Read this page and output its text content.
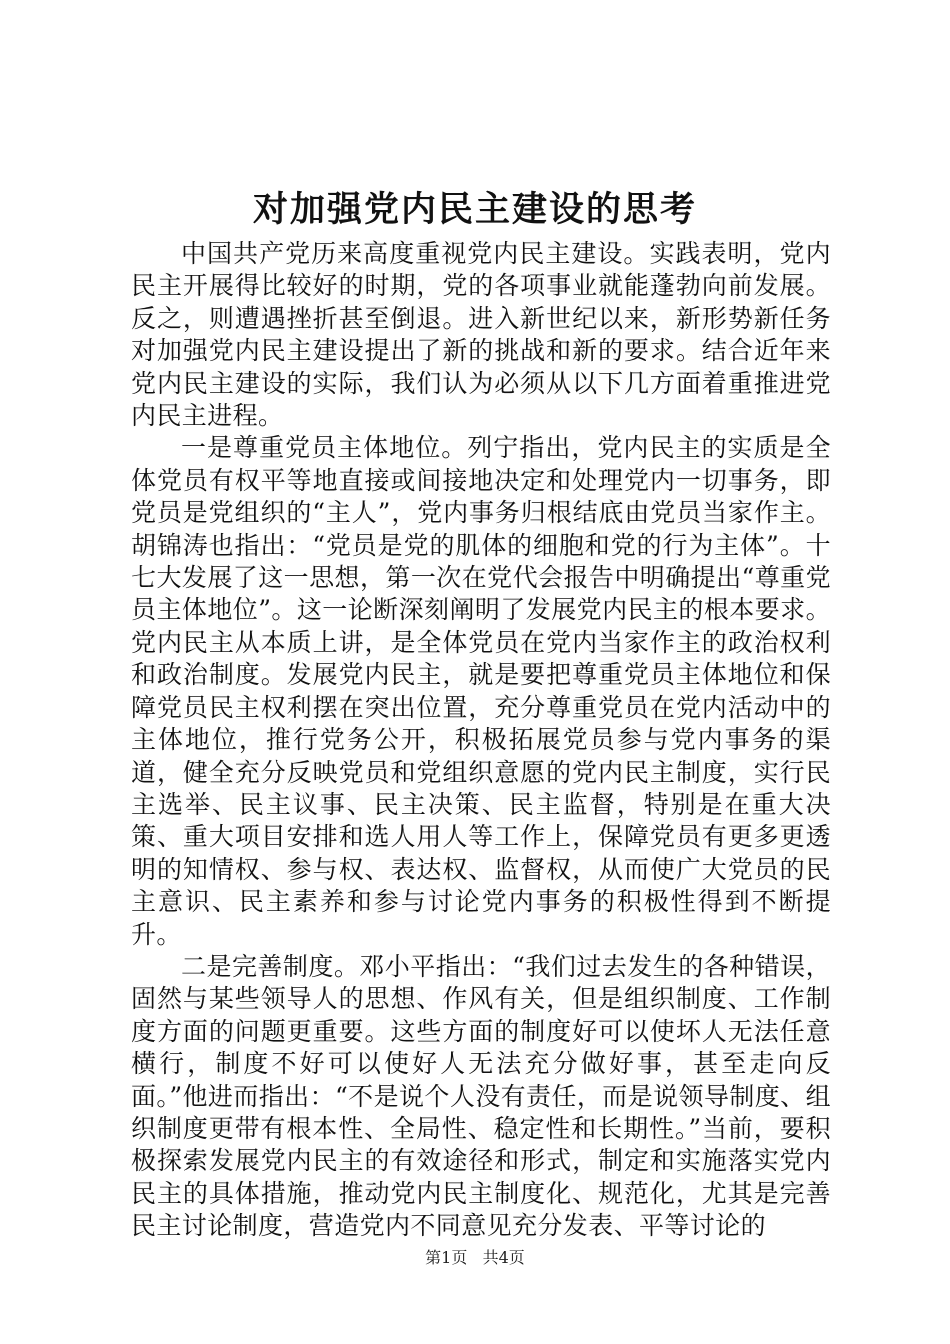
对加强党内民主建设的思考

中国共产党历来高度重视党内民主建设。实践表明，党内民主开展得比较好的时期，党的各项事业就能蓬勃向前发展。反之，则遭遇挫折甚至倒退。进入新世纪以来，新形势新任务对加强党内民主建设提出了新的挑战和新的要求。结合近年来党内民主建设的实际，我们认为必须从以下几方面着重推进党内民主进程。

一是尊重党员主体地位。列宁指出，党内民主的实质是全体党员有权平等地直接或间接地决定和处理党内一切事务，即党员是党组织的“主人”，党内事务归根结底由党员当家作主。胡锦涛也指出：“党员是党的肌体的细胞和党的行为主体”。十七大发展了这一思想，第一次在党代会报告中明确提出“尊重党员主体地位”。这一论断深刻阐明了发展党内民主的根本要求。党内民主从本质上讲，是全体党员在党内当家作主的政治权利和政治制度。发展党内民主，就是要把尊重党员主体地位和保障党员民主权利摆在突出位置，充分尊重党员在党内活动中的主体地位，推行党务公开，积极拓展党员参与党内事务的渠道，健全充分反映党员和党组织意愿的党内民主制度，实行民主选举、民主议事、民主决策、民主监督，特别是在重大决策、重大项目安排和选人用人等工作上，保障党员有更多更透明的知情权、参与权、表达权、监督权，从而使广大党员的民主意识、民主素养和参与讨论党内事务的积极性得到不断提升。

二是完善制度。邓小平指出：“我们过去发生的各种错误，固然与某些领导人的思想、作风有关，但是组织制度、工作制度方面的问题更重要。这些方面的制度好可以使坏人无法任意横行，制度不好可以使好人无法充分做好事，甚至走向反面。”他进而指出：“不是说个人没有责任，而是说领导制度、组织制度更带有根本性、全局性、稳定性和长期性。”当前，要积极探索发展党内民主的有效途径和形式，制定和实施落实党内民主的具体措施，推动党内民主制度化、规范化，尤其是完善民主讨论制度，营造党内不同意见充分发表、平等讨论的

第1页 共4页
